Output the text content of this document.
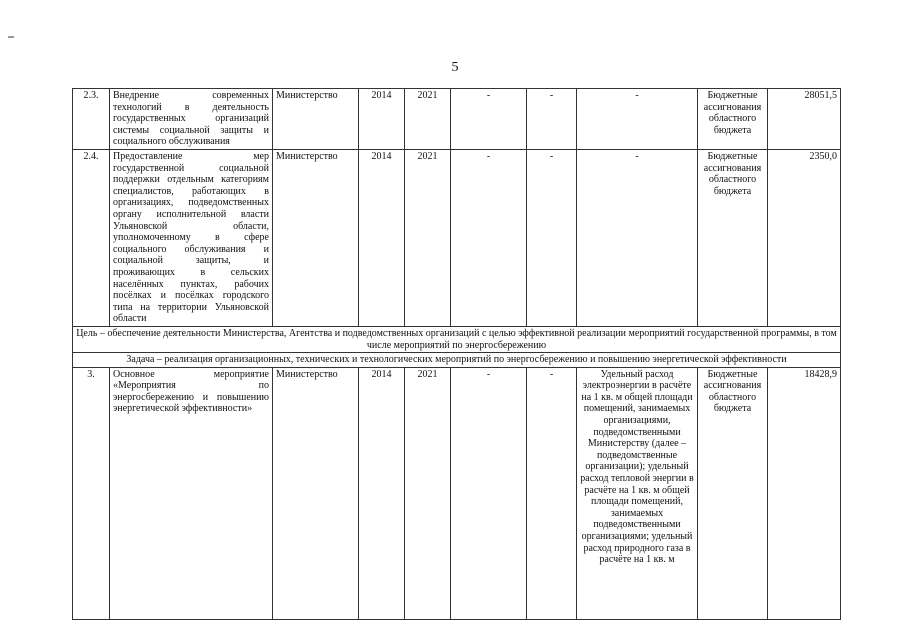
5
2.3.	Внедрение современных технологий в деятельность государственных организаций системы социальной защиты и социального обслуживания	Министерство	2014	2021	-	-	-	Бюджетные ассигнования областного бюджета	28051,5
2.4.	Предоставление мер государственной социальной поддержки отдельным категориям специалистов, работающих в организациях, подведомственных органу исполнительной власти Ульяновской области, уполномоченному в сфере социального обслуживания и социальной защиты, и проживающих в сельских населённых пунктах, рабочих посёлках и посёлках городского типа на территории Ульяновской области	Министерство	2014	2021	-	-	-	Бюджетные ассигнования областного бюджета	2350,0
Цель – обеспечение деятельности Министерства, Агентства и подведомственных организаций с целью эффективной реализации мероприятий государственной программы, в том числе мероприятий по энергосбережению									
Задача – реализация организационных, технических и технологических мероприятий по энергосбережению и повышению энергетической эффективности									
3.	Основное мероприятие «Мероприятия по энергосбережению и повышению энергетической эффективности»	Министерство	2014	2021	-	-	Удельный расход электроэнергии в расчёте на 1 кв. м общей площади помещений, занимаемых организациями, подведомственными Министерству (далее – подведомственные организации); удельный расход тепловой энергии в расчёте на 1 кв. м общей площади помещений, занимаемых подведомственными организациями; удельный расход природного газа в расчёте на 1 кв. м	Бюджетные ассигнования областного бюджета	18428,9
